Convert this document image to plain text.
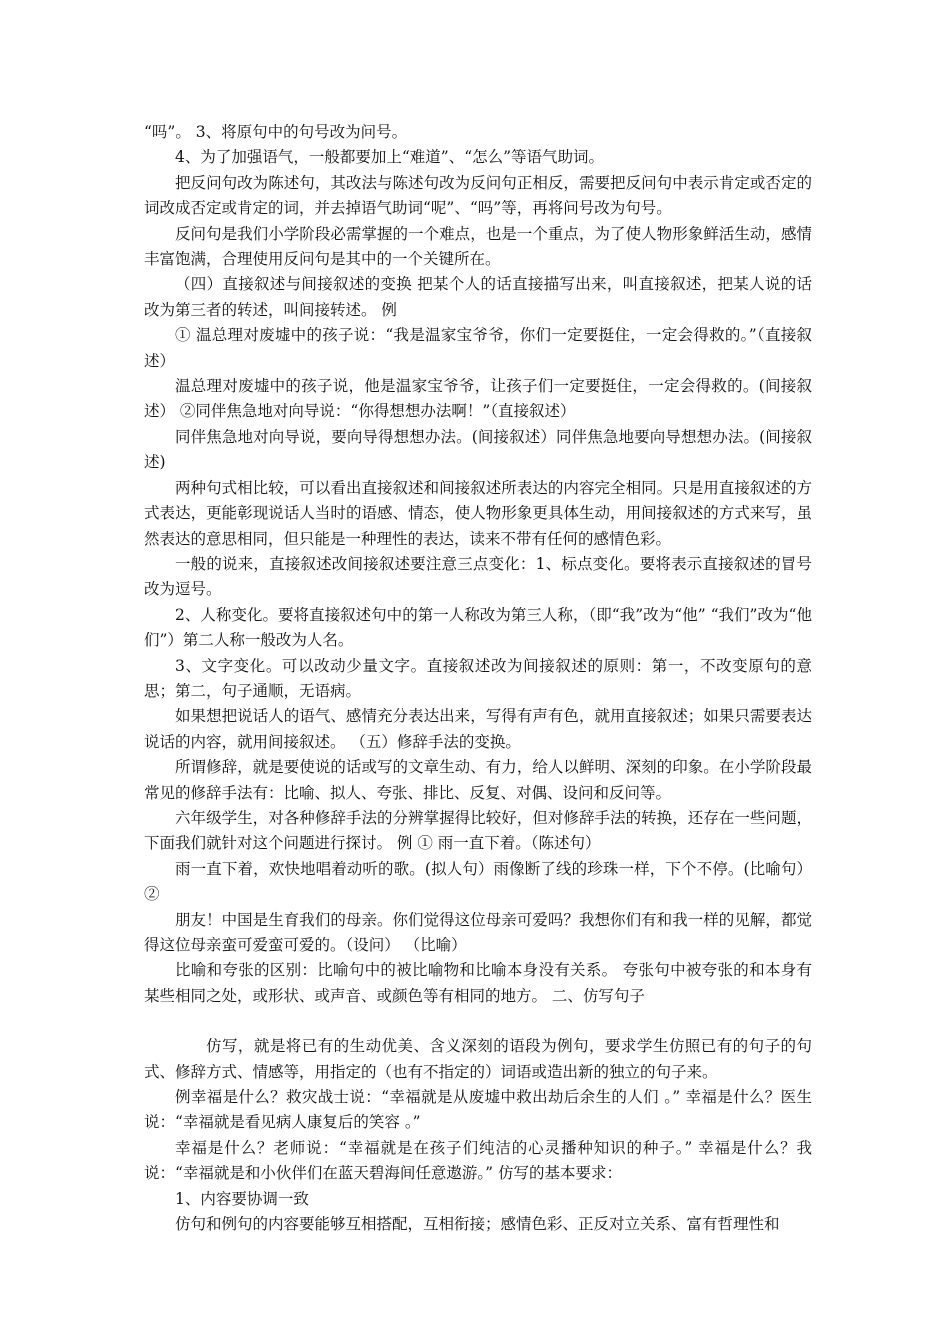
“吗”。 3、将原句中的句号改为问号。

4、为了加强语气，一般都要加上“难道”、“怎么”等语气助词。

把反问句改为陈述句，其改法与陈述句改为反问句正相反，需要把反问句中表示肯定或否定的词改成否定或肯定的词，并去掉语气助词“呢”、“吗”等，再将问号改为句号。

反问句是我们小学阶段必需掌握的一个难点，也是一个重点，为了使人物形象鲜活生动，感情丰富饱满，合理使用反问句是其中的一个关键所在。

（四）直接叙述与间接叙述的变换 把某个人的话直接描写出来，叫直接叙述，把某人说的话改为第三者的转述，叫间接转述。 例

① 温总理对废墟中的孩子说：“我是温家宝爷爷，你们一定要挺住，一定会得救的。”（直接叙述）

温总理对废墟中的孩子说，他是温家宝爷爷，让孩子们一定要挺住，一定会得救的。(间接叙述） ②同伴焦急地对向导说：“你得想想办法啊！”（直接叙述）

同伴焦急地对向导说，要向导得想想办法。(间接叙述）同伴焦急地要向导想想办法。(间接叙述)

两种句式相比较，可以看出直接叙述和间接叙述所表达的内容完全相同。只是用直接叙述的方式表达，更能彰现说话人当时的语感、情态，使人物形象更具体生动，用间接叙述的方式来写，虽然表达的意思相同，但只能是一种理性的表达，读来不带有任何的感情色彩。

一般的说来，直接叙述改间接叙述要注意三点变化：1、标点变化。要将表示直接叙述的冒号改为逗号。

2、人称变化。要将直接叙述句中的第一人称改为第三人称，（即“我”改为“他” “我们”改为“他们”）第二人称一般改为人名。

3、文字变化。可以改动少量文字。直接叙述改为间接叙述的原则：第一，不改变原句的意思；第二，句子通顺，无语病。

如果想把说话人的语气、感情充分表达出来，写得有声有色，就用直接叙述；如果只需要表达说话的内容，就用间接叙述。 （五）修辞手法的变换。

所谓修辞，就是要使说的话或写的文章生动、有力，给人以鲜明、深刻的印象。在小学阶段最常见的修辞手法有：比喻、拟人、夸张、排比、反复、对偶、设问和反问等。

六年级学生，对各种修辞手法的分辨掌握得比较好，但对修辞手法的转换，还存在一些问题，下面我们就针对这个问题进行探讨。 例 ① 雨一直下着。（陈述句）

雨一直下着，欢快地唱着动听的歌。(拟人句）雨像断了线的珍珠一样，下个不停。(比喻句） ②

朋友！中国是生育我们的母亲。你们觉得这位母亲可爱吗？我想你们有和我一样的见解，都觉得这位母亲蛮可爱蛮可爱的。（设问） （比喻）

比喻和夸张的区别：比喻句中的被比喻物和比喻本身没有关系。 夸张句中被夸张的和本身有某些相同之处，或形状、或声音、或颜色等有相同的地方。 二、仿写句子

仿写，就是将已有的生动优美、含义深刻的语段为例句，要求学生仿照已有的句子的句式、修辞方式、情感等，用指定的（也有不指定的）词语或造出新的独立的句子来。

例幸福是什么？救灾战士说：“幸福就是从废墟中救出劫后余生的人们 。” 幸福是什么？医生说：“幸福就是看见病人康复后的笑容 。”

幸福是什么？老师说：“幸福就是在孩子们纯洁的心灵播种知识的种子。” 幸福是什么？我说：“幸福就是和小伙伴们在蓝天碧海间任意遨游。” 仿写的基本要求：

1、内容要协调一致

仿句和例句的内容要能够互相搭配，互相衔接；感情色彩、正反对立关系、富有哲理性和
